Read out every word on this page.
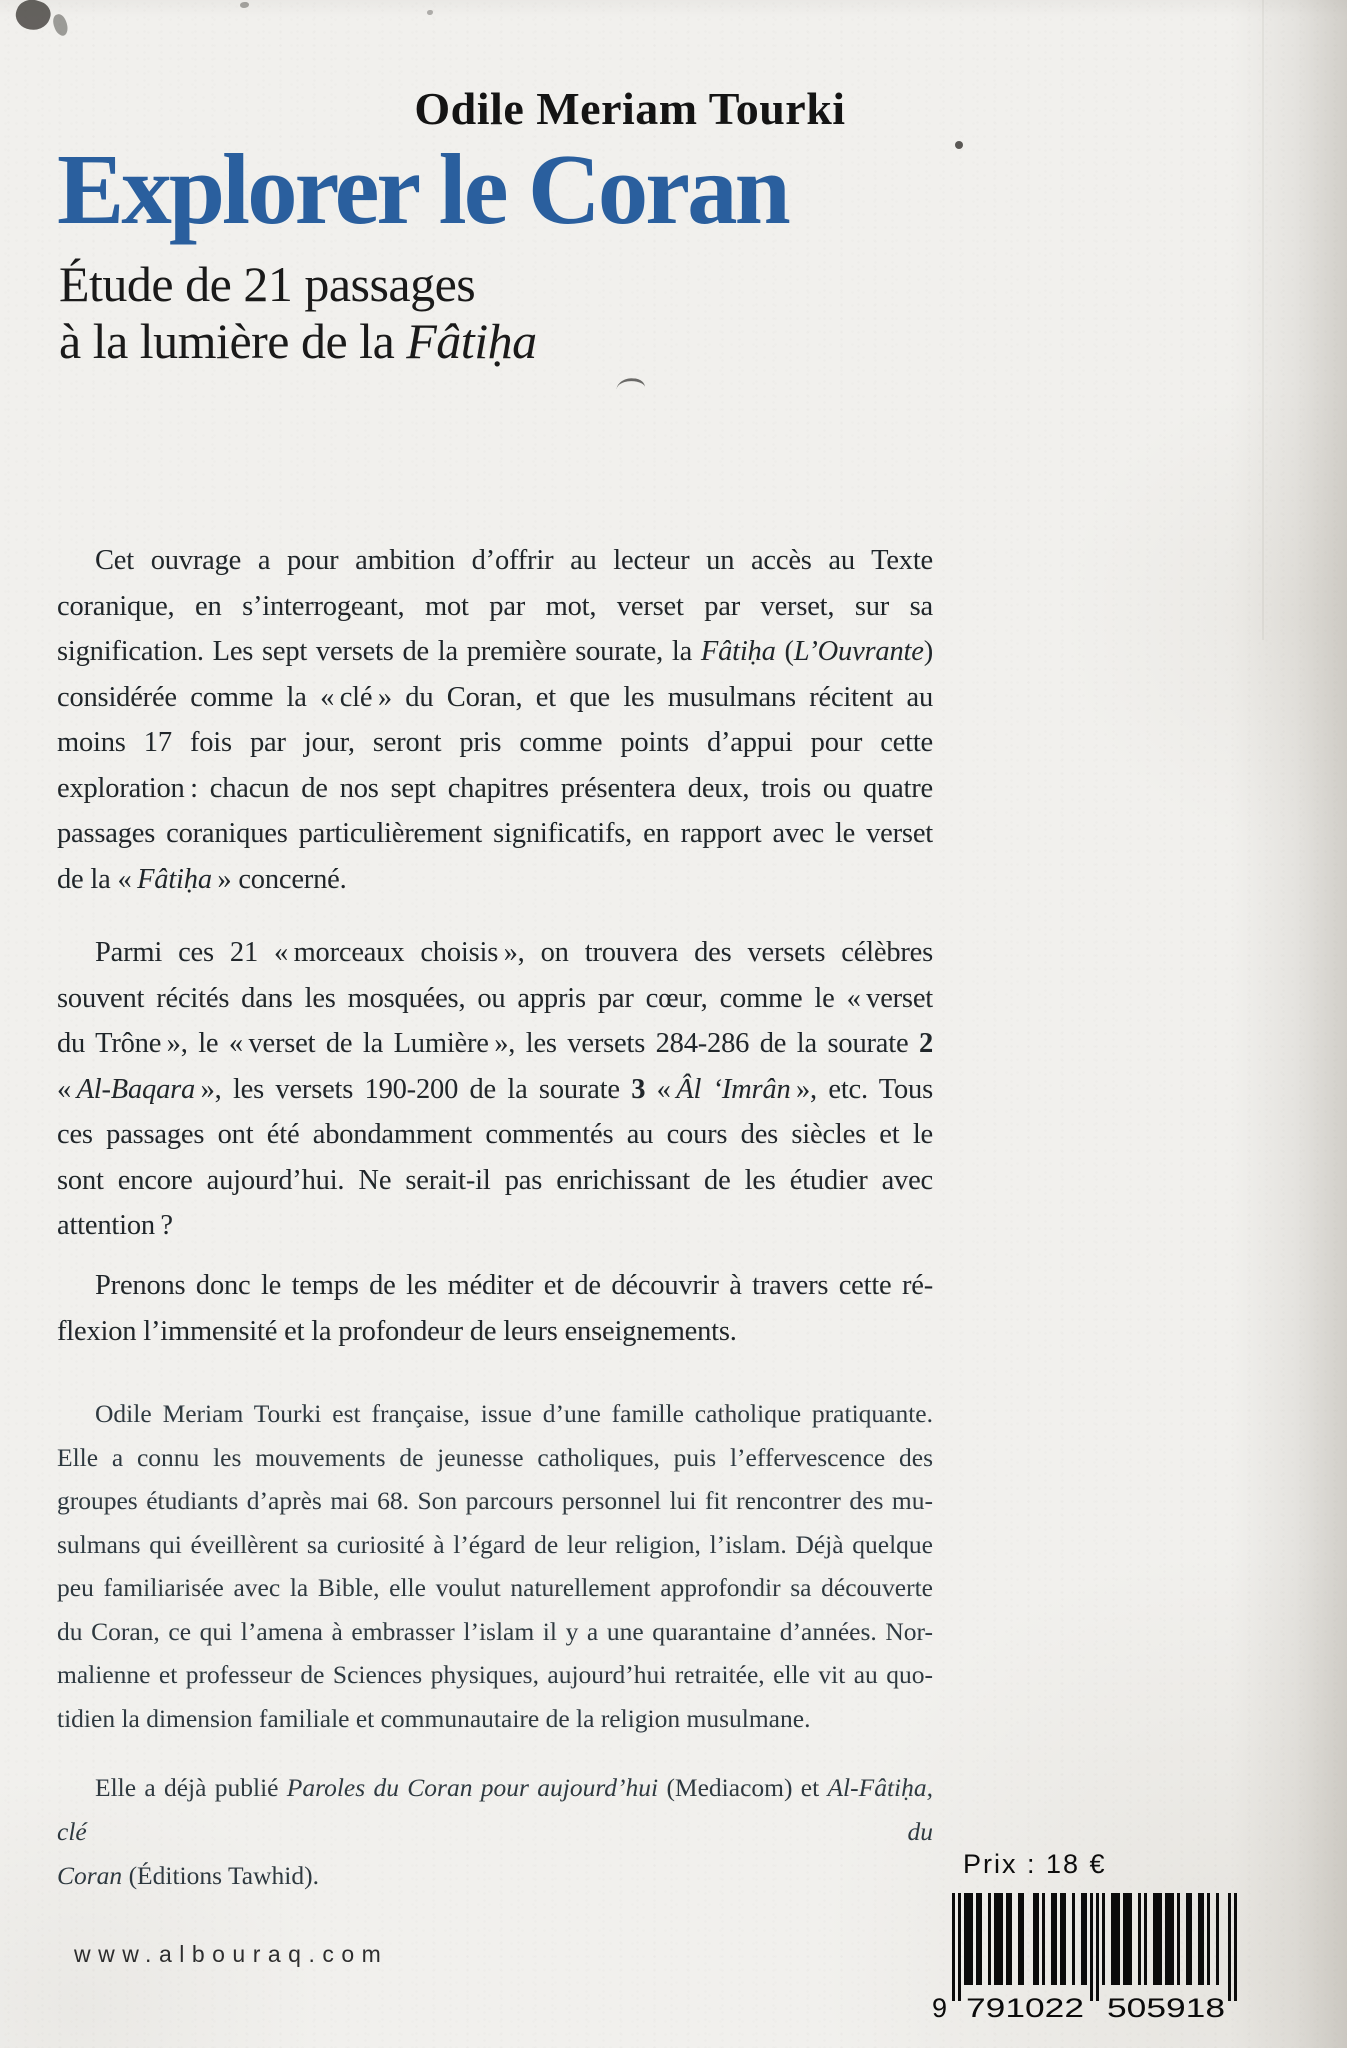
Odile Meriam Tourki
Explorer le Coran
Étude de 21 passages
à la lumière de la Fâtiḥa
Cet ouvrage a pour ambition d’offrir au lecteur un accès au Texte
coranique, en s’interrogeant, mot par mot, verset par verset, sur sa
signification. Les sept versets de la première sourate, la Fâtiḥa (L’Ouvrante)
considérée comme la « clé » du Coran, et que les musulmans récitent au
moins 17 fois par jour, seront pris comme points d’appui pour cette
exploration : chacun de nos sept chapitres présentera deux, trois ou quatre
passages coraniques particulièrement significatifs, en rapport avec le verset
de la « Fâtiḥa » concerné.
Parmi ces 21 « morceaux choisis », on trouvera des versets célèbres
souvent récités dans les mosquées, ou appris par cœur, comme le « verset
du Trône », le « verset de la Lumière », les versets 284-286 de la sourate 2
« Al-Baqara », les versets 190-200 de la sourate 3 « Âl ‘Imrân », etc. Tous
ces passages ont été abondamment commentés au cours des siècles et le
sont encore aujourd’hui. Ne serait-il pas enrichissant de les étudier avec
attention ?
Prenons donc le temps de les méditer et de découvrir à travers cette ré-
flexion l’immensité et la profondeur de leurs enseignements.
Odile Meriam Tourki est française, issue d’une famille catholique pratiquante.
Elle a connu les mouvements de jeunesse catholiques, puis l’effervescence des
groupes étudiants d’après mai 68. Son parcours personnel lui fit rencontrer des mu-
sulmans qui éveillèrent sa curiosité à l’égard de leur religion, l’islam. Déjà quelque
peu familiarisée avec la Bible, elle voulut naturellement approfondir sa découverte
du Coran, ce qui l’amena à embrasser l’islam il y a une quarantaine d’années. Nor-
malienne et professeur de Sciences physiques, aujourd’hui retraitée, elle vit au quo-
tidien la dimension familiale et communautaire de la religion musulmane.
Elle a déjà publié Paroles du Coran pour aujourd’hui (Mediacom) et Al-Fâtiḥa, clé du
Coran (Éditions Tawhid).	Prix : 18 €
9 791022 505918
www.albouraq.com
